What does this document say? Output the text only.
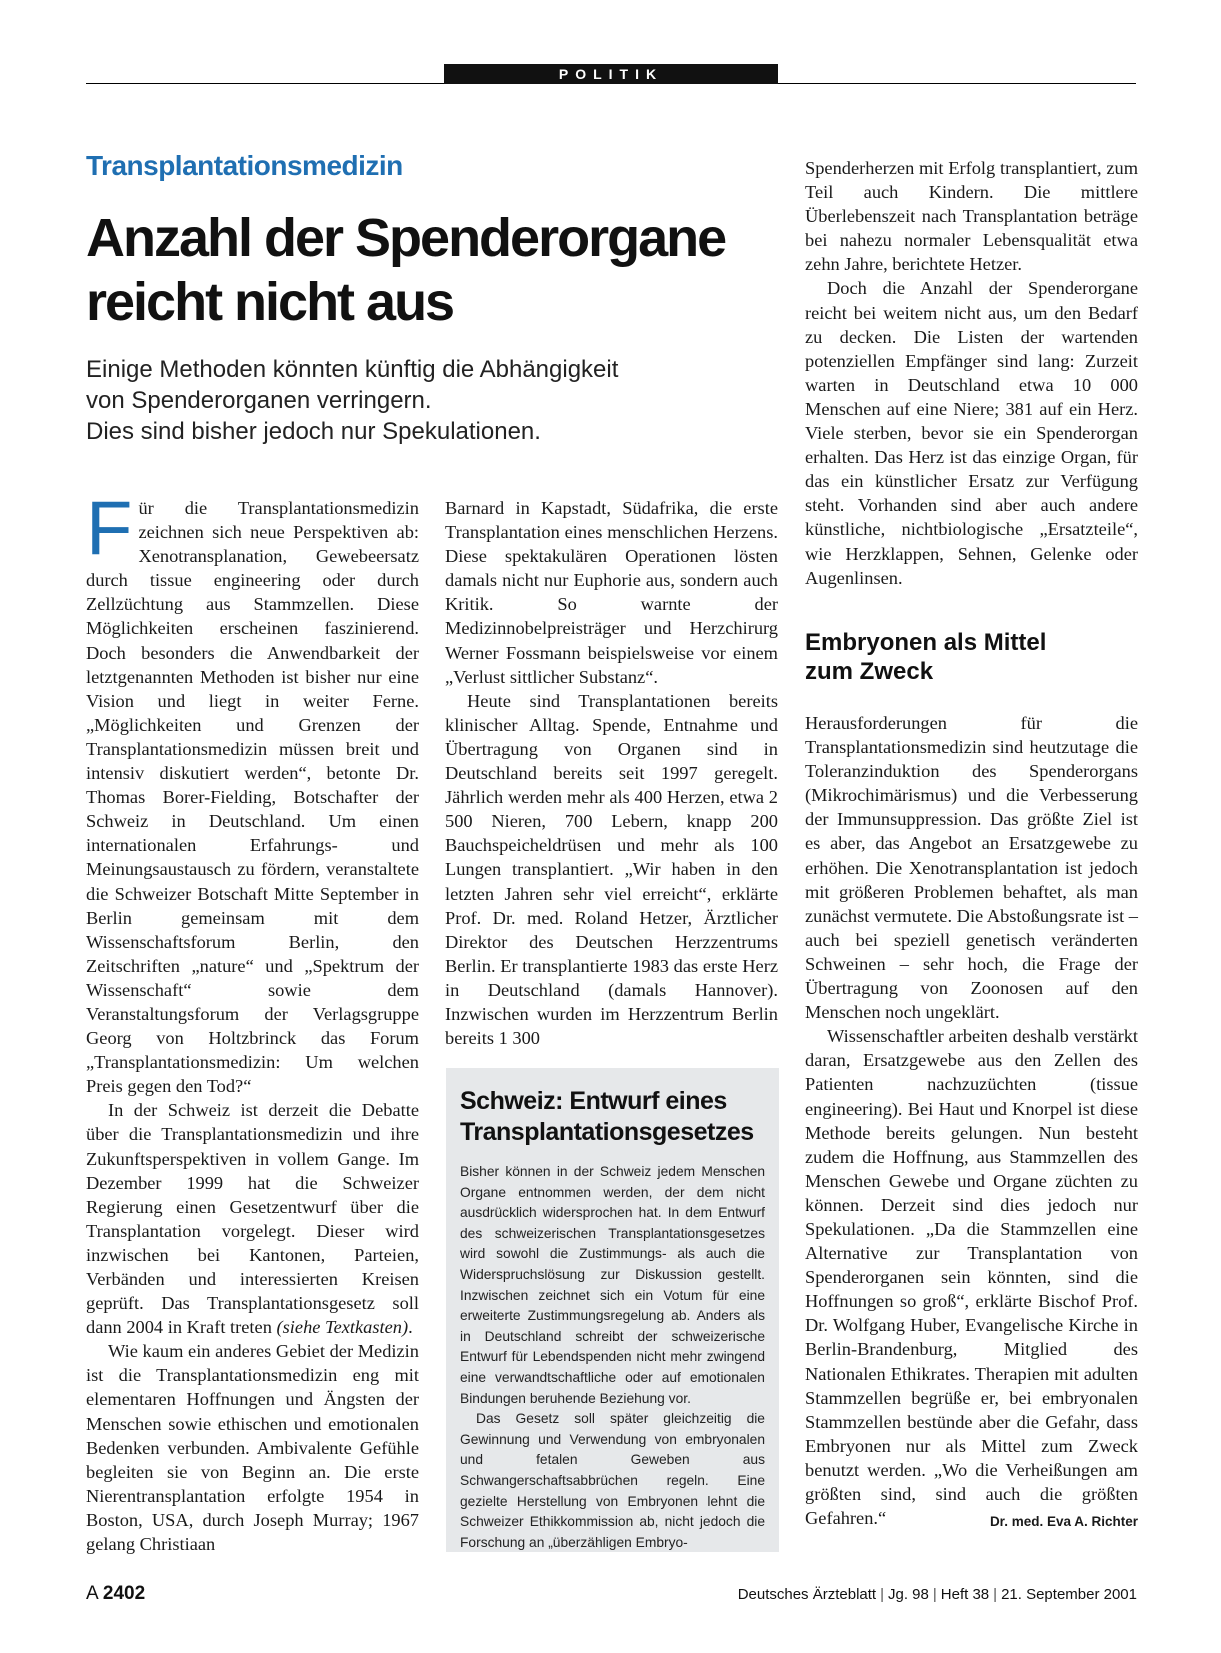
POLITIK
Transplantationsmedizin
Anzahl der Spenderorgane
reicht nicht aus
Einige Methoden könnten künftig die Abhängigkeit
von Spenderorganen verringern.
Dies sind bisher jedoch nur Spekulationen.

Für die Transplantationsmedizin zeichnen sich neue Perspektiven ab: Xenotransplanation, Gewebeersatz durch tissue engineering oder durch Zellzüchtung aus Stammzellen. Diese Möglichkeiten erscheinen faszinierend. Doch besonders die Anwendbarkeit der letztgenannten Methoden ist bisher nur eine Vision und liegt in weiter Ferne. „Möglichkeiten und Grenzen der Transplantationsmedizin müssen breit und intensiv diskutiert werden“, betonte Dr. Thomas Borer-Fielding, Botschafter der Schweiz in Deutschland. Um einen internationalen Erfahrungs- und Meinungsaustausch zu fördern, veranstaltete die Schweizer Botschaft Mitte September in Berlin gemeinsam mit dem Wissenschaftsforum Berlin, den Zeitschriften „nature“ und „Spektrum der Wissenschaft“ sowie dem Veranstaltungsforum der Verlagsgruppe Georg von Holtzbrinck das Forum „Transplantationsmedizin: Um welchen Preis gegen den Tod?“

In der Schweiz ist derzeit die Debatte über die Transplantationsmedizin und ihre Zukunftsperspektiven in vollem Gange. Im Dezember 1999 hat die Schweizer Regierung einen Gesetzentwurf über die Transplantation vorgelegt. Dieser wird inzwischen bei Kantonen, Parteien, Verbänden und interessierten Kreisen geprüft. Das Transplantationsgesetz soll dann 2004 in Kraft treten (siehe Textkasten).

Wie kaum ein anderes Gebiet der Medizin ist die Transplantationsmedizin eng mit elementaren Hoffnungen und Ängsten der Menschen sowie ethischen und emotionalen Bedenken verbunden. Ambivalente Gefühle begleiten sie von Beginn an. Die erste Nierentransplantation erfolgte 1954 in Boston, USA, durch Joseph Murray; 1967 gelang Christiaan

Barnard in Kapstadt, Südafrika, die erste Transplantation eines menschlichen Herzens. Diese spektakulären Operationen lösten damals nicht nur Euphorie aus, sondern auch Kritik. So warnte der Medizinnobelpreisträger und Herzchirurg Werner Fossmann beispielsweise vor einem „Verlust sittlicher Substanz“.

Heute sind Transplantationen bereits klinischer Alltag. Spende, Entnahme und Übertragung von Organen sind in Deutschland bereits seit 1997 geregelt. Jährlich werden mehr als 400 Herzen, etwa 2 500 Nieren, 700 Lebern, knapp 200 Bauchspeicheldrüsen und mehr als 100 Lungen transplantiert. „Wir haben in den letzten Jahren sehr viel erreicht“, erklärte Prof. Dr. med. Roland Hetzer, Ärztlicher Direktor des Deutschen Herzzentrums Berlin. Er transplantierte 1983 das erste Herz in Deutschland (damals Hannover). Inzwischen wurden im Herzzentrum Berlin bereits 1 300

Schweiz: Entwurf eines
Transplantationsgesetzes

Bisher können in der Schweiz jedem Menschen Organe entnommen werden, der dem nicht ausdrücklich widersprochen hat. In dem Entwurf des schweizerischen Transplantationsgesetzes wird sowohl die Zustimmungs- als auch die Widerspruchslösung zur Diskussion gestellt. Inzwischen zeichnet sich ein Votum für eine erweiterte Zustimmungsregelung ab. Anders als in Deutschland schreibt der schweizerische Entwurf für Lebendspenden nicht mehr zwingend eine verwandtschaftliche oder auf emotionalen Bindungen beruhende Beziehung vor.

Das Gesetz soll später gleichzeitig die Gewinnung und Verwendung von embryonalen und fetalen Geweben aus Schwangerschaftsabbrüchen regeln. Eine gezielte Herstellung von Embryonen lehnt die Schweizer Ethikkommission ab, nicht jedoch die Forschung an „überzähligen Embryo-

Spenderherzen mit Erfolg transplantiert, zum Teil auch Kindern. Die mittlere Überlebenszeit nach Transplantation beträge bei nahezu normaler Lebensqualität etwa zehn Jahre, berichtete Hetzer.

Doch die Anzahl der Spenderorgane reicht bei weitem nicht aus, um den Bedarf zu decken. Die Listen der wartenden potenziellen Empfänger sind lang: Zurzeit warten in Deutschland etwa 10 000 Menschen auf eine Niere; 381 auf ein Herz. Viele sterben, bevor sie ein Spenderorgan erhalten. Das Herz ist das einzige Organ, für das ein künstlicher Ersatz zur Verfügung steht. Vorhanden sind aber auch andere künstliche, nichtbiologische „Ersatzteile“, wie Herzklappen, Sehnen, Gelenke oder Augenlinsen.

Embryonen als Mittel
zum Zweck

Herausforderungen für die Transplantationsmedizin sind heutzutage die Toleranzinduktion des Spenderorgans (Mikrochimärismus) und die Verbesserung der Immunsuppression. Das größte Ziel ist es aber, das Angebot an Ersatzgewebe zu erhöhen. Die Xenotransplantation ist jedoch mit größeren Problemen behaftet, als man zunächst vermutete. Die Abstoßungsrate ist – auch bei speziell genetisch veränderten Schweinen – sehr hoch, die Frage der Übertragung von Zoonosen auf den Menschen noch ungeklärt.

Wissenschaftler arbeiten deshalb verstärkt daran, Ersatzgewebe aus den Zellen des Patienten nachzuzüchten (tissue engineering). Bei Haut und Knorpel ist diese Methode bereits gelungen. Nun besteht zudem die Hoffnung, aus Stammzellen des Menschen Gewebe und Organe züchten zu können. Derzeit sind dies jedoch nur Spekulationen. „Da die Stammzellen eine Alternative zur Transplantation von Spenderorganen sein könnten, sind die Hoffnungen so groß“, erklärte Bischof Prof. Dr. Wolfgang Huber, Evangelische Kirche in Berlin-Brandenburg, Mitglied des Nationalen Ethikrates. Therapien mit adulten Stammzellen begrüße er, bei embryonalen Stammzellen bestünde aber die Gefahr, dass Embryonen nur als Mittel zum Zweck benutzt werden. „Wo die Verheißungen am größten sind, sind auch die größten Gefahren.“	Dr. med. Eva A. Richter

A 2402	Deutsches Ärzteblatt | Jg. 98 | Heft 38 | 21. September 2001
